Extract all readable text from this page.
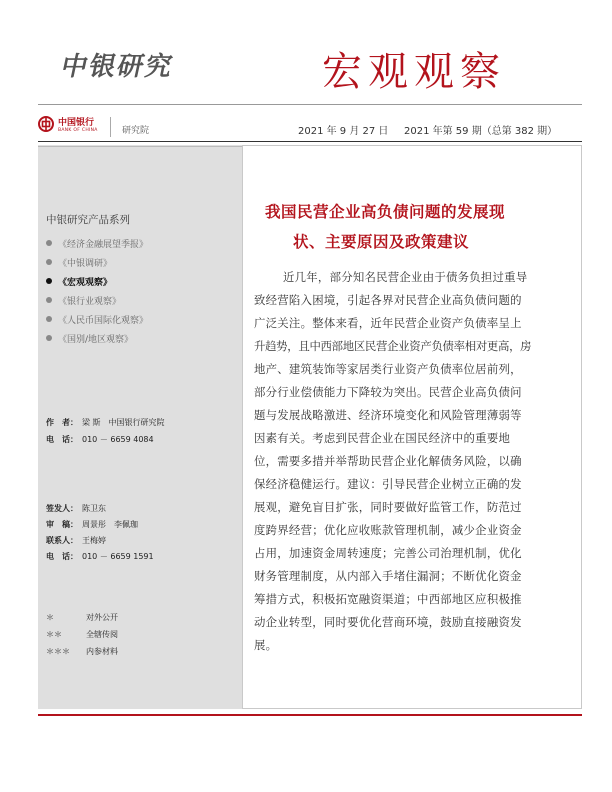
中银研究	宏观观察
中国银行
BANK OF CHINA	研究院	2021 年 9 月 27 日 2021 年第 59 期（总第 382 期）
中银研究产品系列
《经济金融展望季报》
《中银调研》
《宏观观察》
《银行业观察》
《人民币国际化观察》
《国别/地区观察》
作　者： 梁 斯　中国银行研究院
电　话： 010 － 6659 4084
签发人： 陈卫东
审　稿： 周景彤　李佩珈
联系人： 王梅婷
电　话： 010 － 6659 1591
＊	对外公开
＊＊	全辖传阅
＊＊＊ 内参材料
我国民营企业高负债问题的发展现
状、主要原因及政策建议
近几年，部分知名民营企业由于债务负担过重导
致经营陷入困境，引起各界对民营企业高负债问题的
广泛关注。整体来看，近年民营企业资产负债率呈上
升趋势，且中西部地区民营企业资产负债率相对更高，房
地产、建筑装饰等家居类行业资产负债率位居前列，
部分行业偿债能力下降较为突出。民营企业高负债问
题与发展战略激进、经济环境变化和风险管理薄弱等
因素有关。考虑到民营企业在国民经济中的重要地
位，需要多措并举帮助民营企业化解债务风险，以确
保经济稳健运行。建议：引导民营企业树立正确的发
展观，避免盲目扩张，同时要做好监管工作，防范过
度跨界经营；优化应收账款管理机制，减少企业资金
占用，加速资金周转速度；完善公司治理机制，优化
财务管理制度，从内部入手堵住漏洞；不断优化资金
筹措方式，积极拓宽融资渠道；中西部地区应积极推
动企业转型，同时要优化营商环境，鼓励直接融资发
展。
